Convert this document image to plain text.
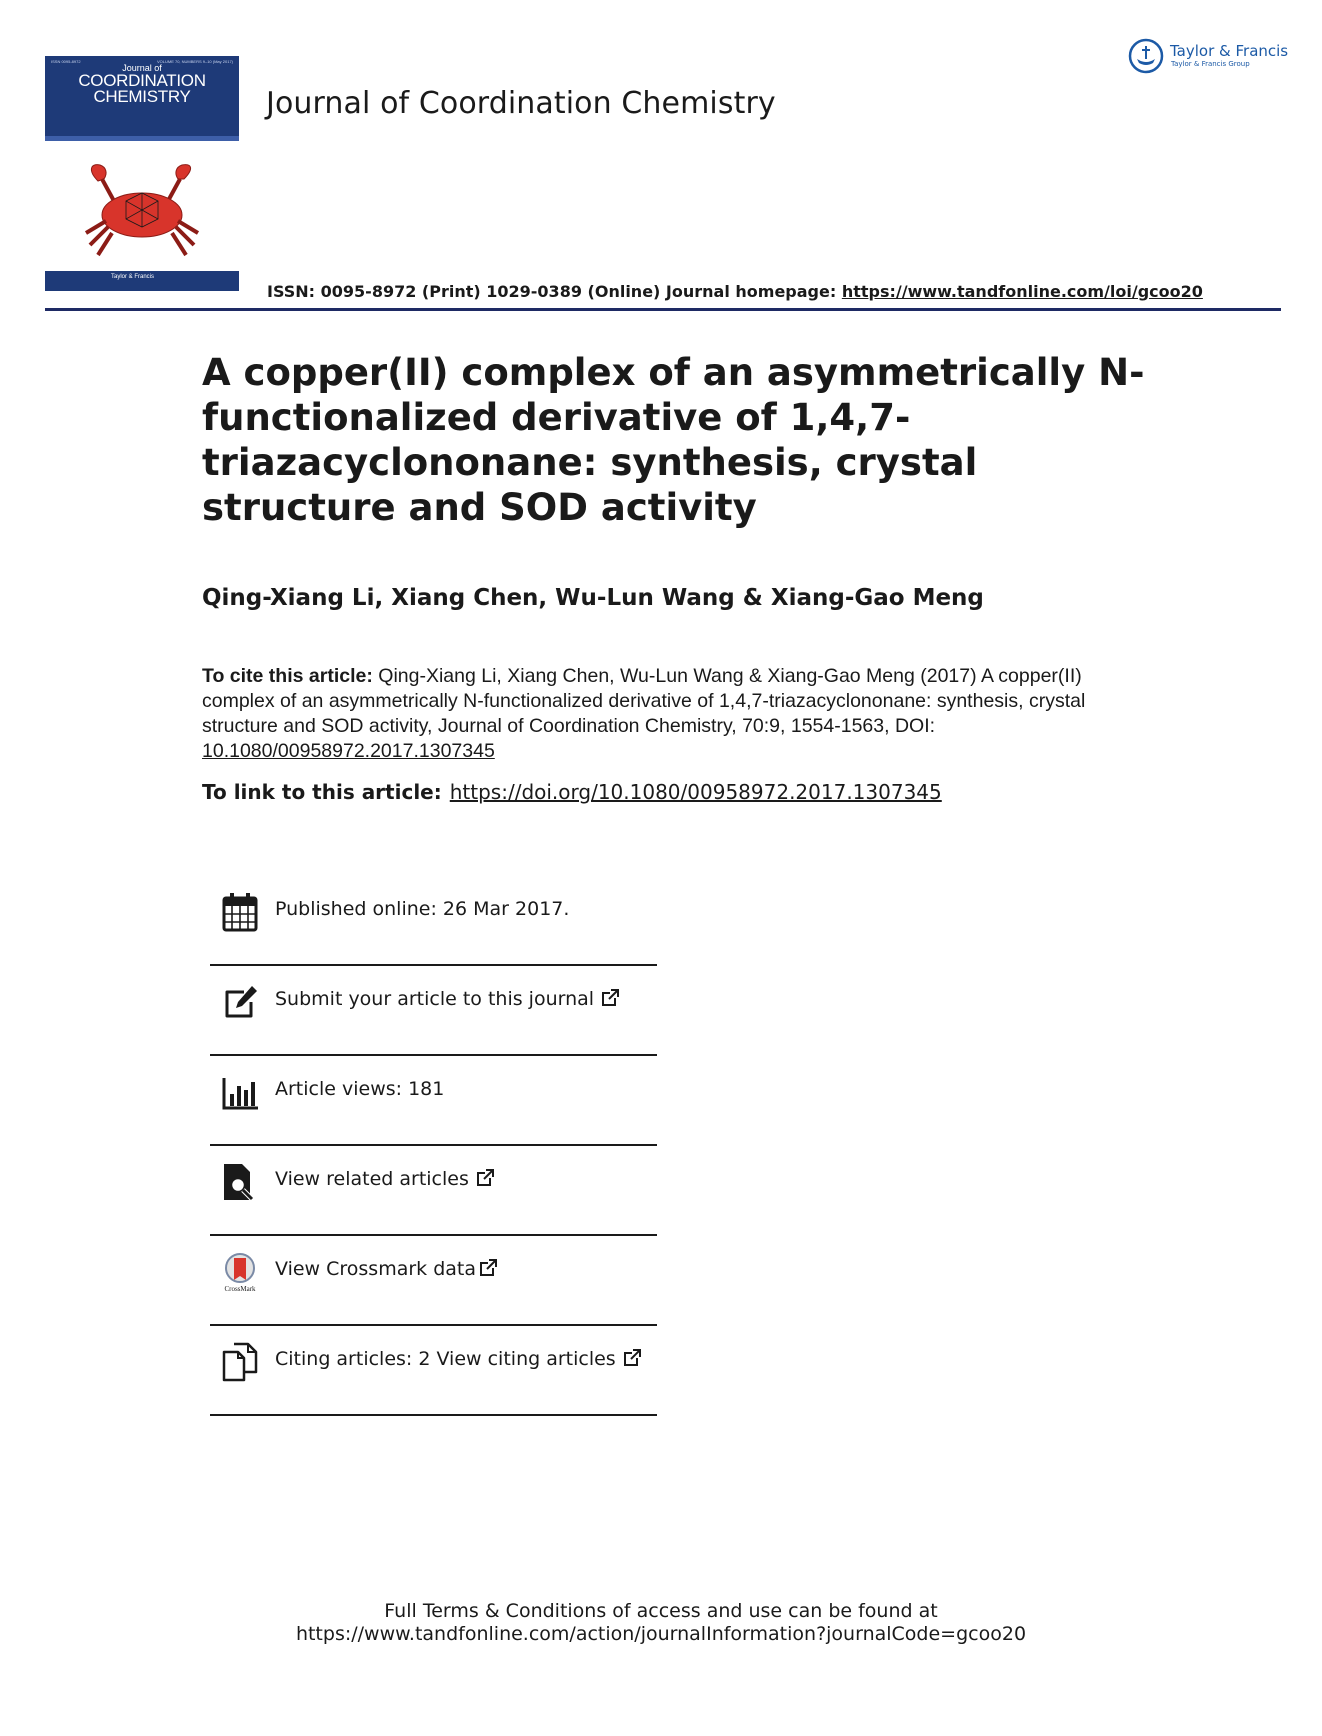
ISSN 0095-8972	VOLUME 70, NUMBERS 9–10 (May 2017)
Journal of
COORDINATION
CHEMISTRY
Taylor & Francis
Journal of Coordination Chemistry
Taylor & Francis
Taylor & Francis Group
ISSN: 0095-8972 (Print) 1029-0389 (Online) Journal homepage: https://www.tandfonline.com/loi/gcoo20
A copper(II) complex of an asymmetrically N-functionalized derivative of 1,4,7-triazacyclononane: synthesis, crystal structure and SOD activity
Qing-Xiang Li, Xiang Chen, Wu-Lun Wang & Xiang-Gao Meng
To cite this article: Qing-Xiang Li, Xiang Chen, Wu-Lun Wang & Xiang-Gao Meng (2017) A copper(II) complex of an asymmetrically N-functionalized derivative of 1,4,7-triazacyclononane: synthesis, crystal structure and SOD activity, Journal of Coordination Chemistry, 70:9, 1554-1563, DOI: 10.1080/00958972.2017.1307345
To link to this article: https://doi.org/10.1080/00958972.2017.1307345
Published online: 26 Mar 2017.
Submit your article to this journal
Article views: 181
View related articles
CrossMark
View Crossmark data
Citing articles: 2 View citing articles
Full Terms & Conditions of access and use can be found at
https://www.tandfonline.com/action/journalInformation?journalCode=gcoo20
